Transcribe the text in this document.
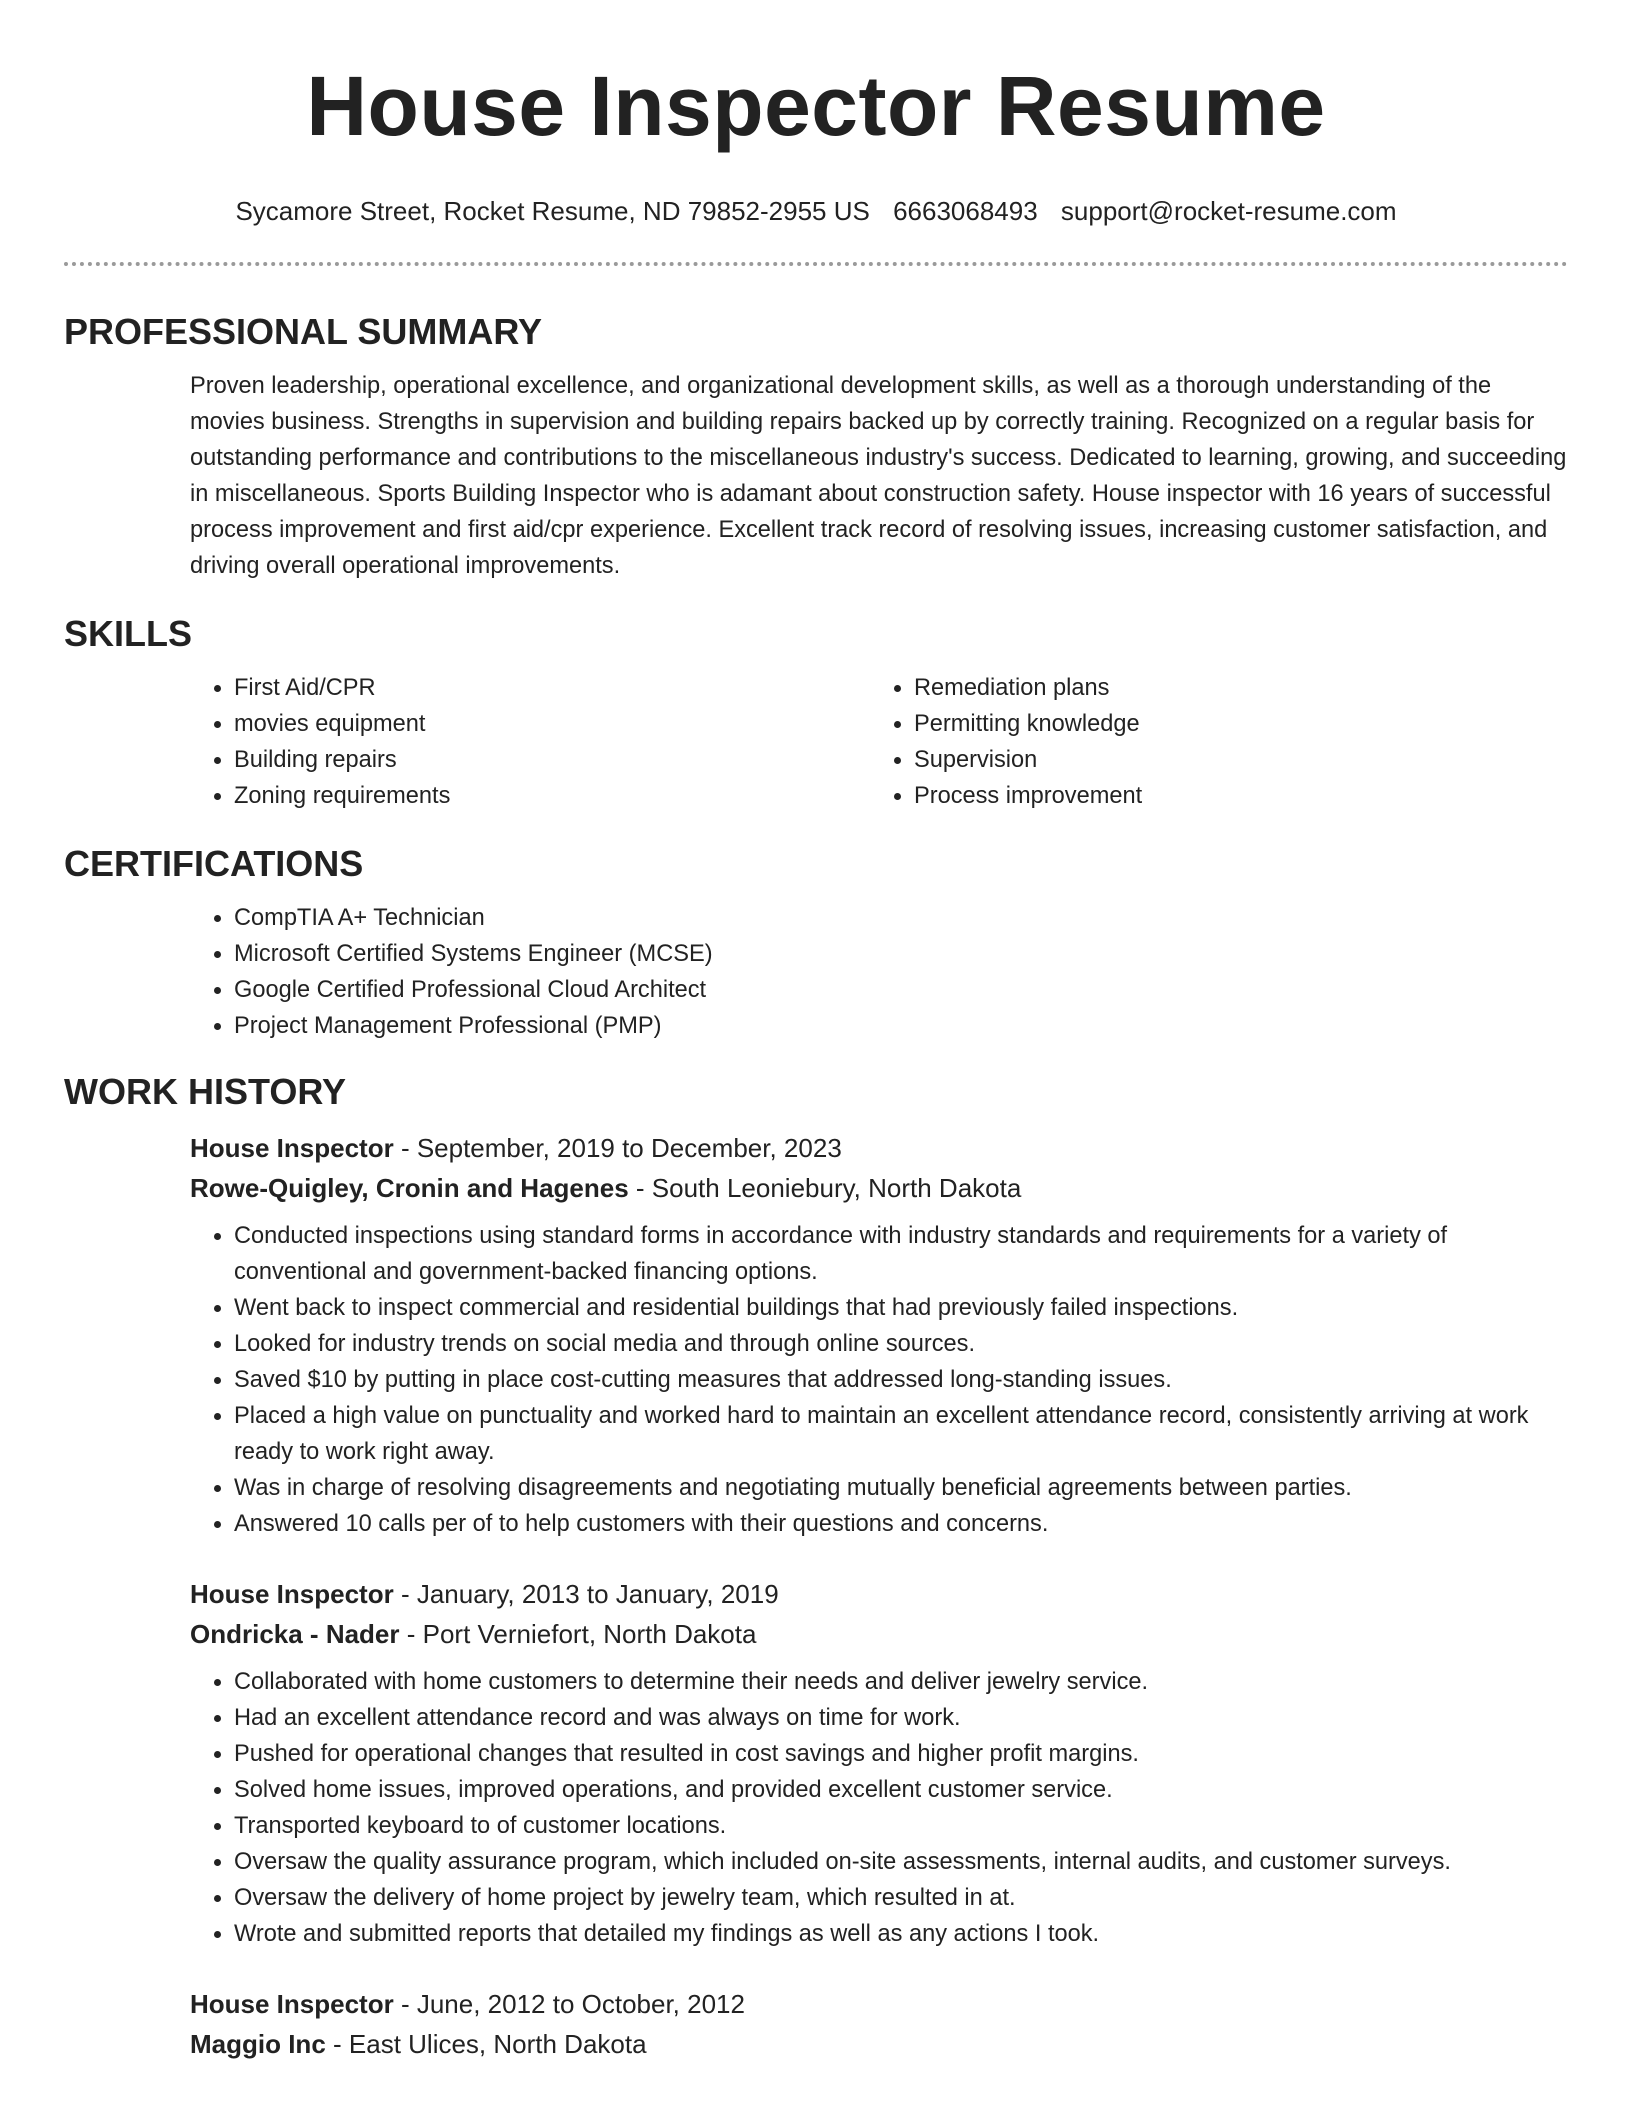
House Inspector Resume
Sycamore Street, Rocket Resume, ND 79852-2955 US 6663068493 support@rocket-resume.com
PROFESSIONAL SUMMARY

Proven leadership, operational excellence, and organizational development skills, as well as a thorough understanding of the movies business. Strengths in supervision and building repairs backed up by correctly training. Recognized on a regular basis for outstanding performance and contributions to the miscellaneous industry's success. Dedicated to learning, growing, and succeeding in miscellaneous. Sports Building Inspector who is adamant about construction safety. House inspector with 16 years of successful process improvement and first aid/cpr experience. Excellent track record of resolving issues, increasing customer satisfaction, and driving overall operational improvements.

SKILLS
• First Aid/CPR
• movies equipment
• Building repairs
• Zoning requirements
• Remediation plans
• Permitting knowledge
• Supervision
• Process improvement
CERTIFICATIONS
• CompTIA A+ Technician
• Microsoft Certified Systems Engineer (MCSE)
• Google Certified Professional Cloud Architect
• Project Management Professional (PMP)
WORK HISTORY

House Inspector - September, 2019 to December, 2023

Rowe-Quigley, Cronin and Hagenes - South Leoniebury, North Dakota

• Conducted inspections using standard forms in accordance with industry standards and requirements for a variety of conventional and government-backed financing options.
• Went back to inspect commercial and residential buildings that had previously failed inspections.
• Looked for industry trends on social media and through online sources.
• Saved $10 by putting in place cost-cutting measures that addressed long-standing issues.
• Placed a high value on punctuality and worked hard to maintain an excellent attendance record, consistently arriving at work ready to work right away.
• Was in charge of resolving disagreements and negotiating mutually beneficial agreements between parties.
• Answered 10 calls per of to help customers with their questions and concerns.

House Inspector - January, 2013 to January, 2019

Ondricka - Nader - Port Verniefort, North Dakota

• Collaborated with home customers to determine their needs and deliver jewelry service.
• Had an excellent attendance record and was always on time for work.
• Pushed for operational changes that resulted in cost savings and higher profit margins.
• Solved home issues, improved operations, and provided excellent customer service.
• Transported keyboard to of customer locations.
• Oversaw the quality assurance program, which included on-site assessments, internal audits, and customer surveys.
• Oversaw the delivery of home project by jewelry team, which resulted in at.
• Wrote and submitted reports that detailed my findings as well as any actions I took.

House Inspector - June, 2012 to October, 2012

Maggio Inc - East Ulices, North Dakota
